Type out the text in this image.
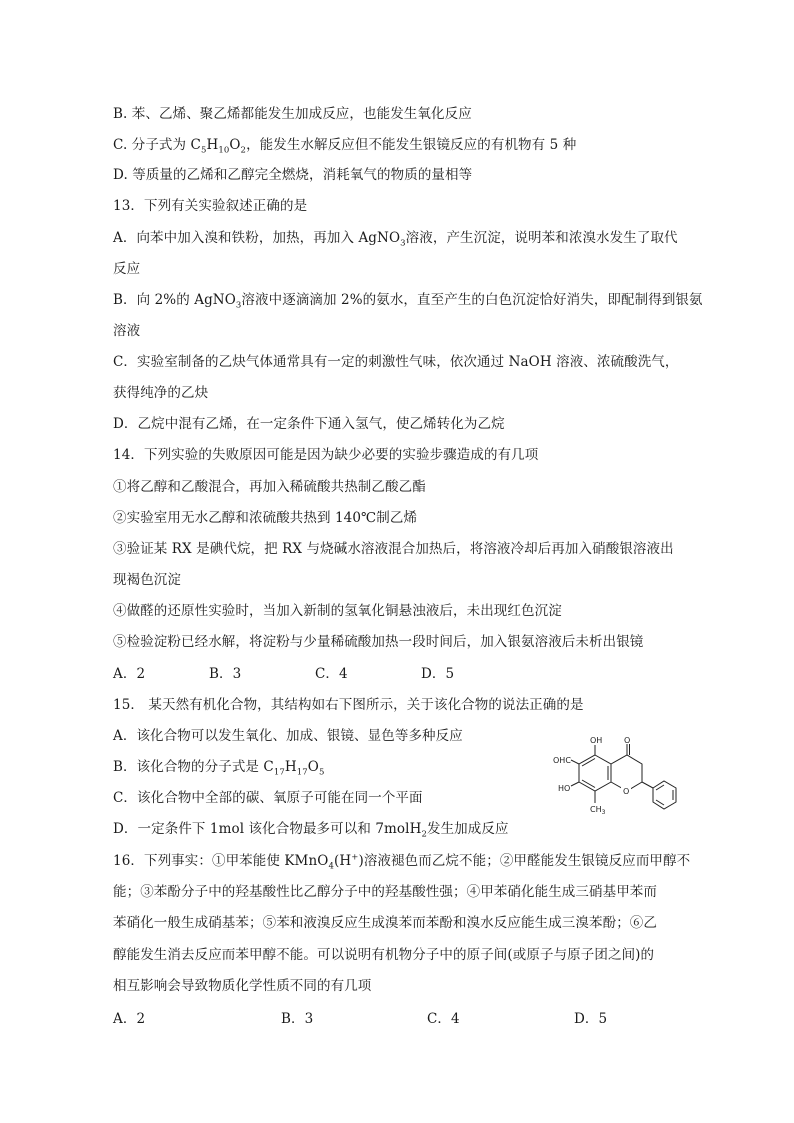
B. 苯、乙烯、聚乙烯都能发生加成反应，也能发生氧化反应
C. 分子式为 $C_5H_{10}O_2$，能发生水解反应但不能发生银镜反应的有机物有 5 种
D. 等质量的乙烯和乙醇完全燃烧，消耗氧气的物质的量相等
13．下列有关实验叙述正确的是
A．向苯中加入溴和铁粉，加热，再加入 AgNO$_3$溶液，产生沉淀，说明苯和浓溴水发生了取代
反应
B．向 2%的 AgNO$_3$溶液中逐滴滴加 2%的氨水，直至产生的白色沉淀恰好消失，即配制得到银氨
溶液
C．实验室制备的乙炔气体通常具有一定的刺激性气味，依次通过 NaOH 溶液、浓硫酸洗气，
获得纯净的乙炔
D．乙烷中混有乙烯，在一定条件下通入氢气，使乙烯转化为乙烷
14．下列实验的失败原因可能是因为缺少必要的实验步骤造成的有几项
①将乙醇和乙酸混合，再加入稀硫酸共热制乙酸乙酯
②实验室用无水乙醇和浓硫酸共热到 140℃制乙烯
③验证某 RX 是碘代烷，把 RX 与烧碱水溶液混合加热后，将溶液冷却后再加入硝酸银溶液出
现褐色沉淀
④做醛的还原性实验时，当加入新制的氢氧化铜悬浊液后，未出现红色沉淀
⑤检验淀粉已经水解，将淀粉与少量稀硫酸加热一段时间后，加入银氨溶液后未析出银镜
A．2	B．3	C．4	D．5
15． 某天然有机化合物，其结构如右下图所示，关于该化合物的说法正确的是
A．该化合物可以发生氧化、加成、银镜、显色等多种反应
B．该化合物的分子式是 $C_{17}H_{17}O_5$
C．该化合物中全部的碳、氧原子可能在同一个平面
D．一定条件下 1mol 该化合物最多可以和 7molH$_2$发生加成反应
OH	O
OHC
HO	O
$CH_3$
16．下列事实：①甲苯能使 KMnO$_4$(H+)溶液褪色而乙烷不能；②甲醛能发生银镜反应而甲醇不
能；③苯酚分子中的羟基酸性比乙醇分子中的羟基酸性强；④甲苯硝化能生成三硝基甲苯而
苯硝化一般生成硝基苯；⑤苯和液溴反应生成溴苯而苯酚和溴水反应能生成三溴苯酚；⑥乙
醇能发生消去反应而苯甲醇不能。可以说明有机物分子中的原子间(或原子与原子团之间)的
相互影响会导致物质化学性质不同的有几项
A．2	B．3	C．4	D．5
